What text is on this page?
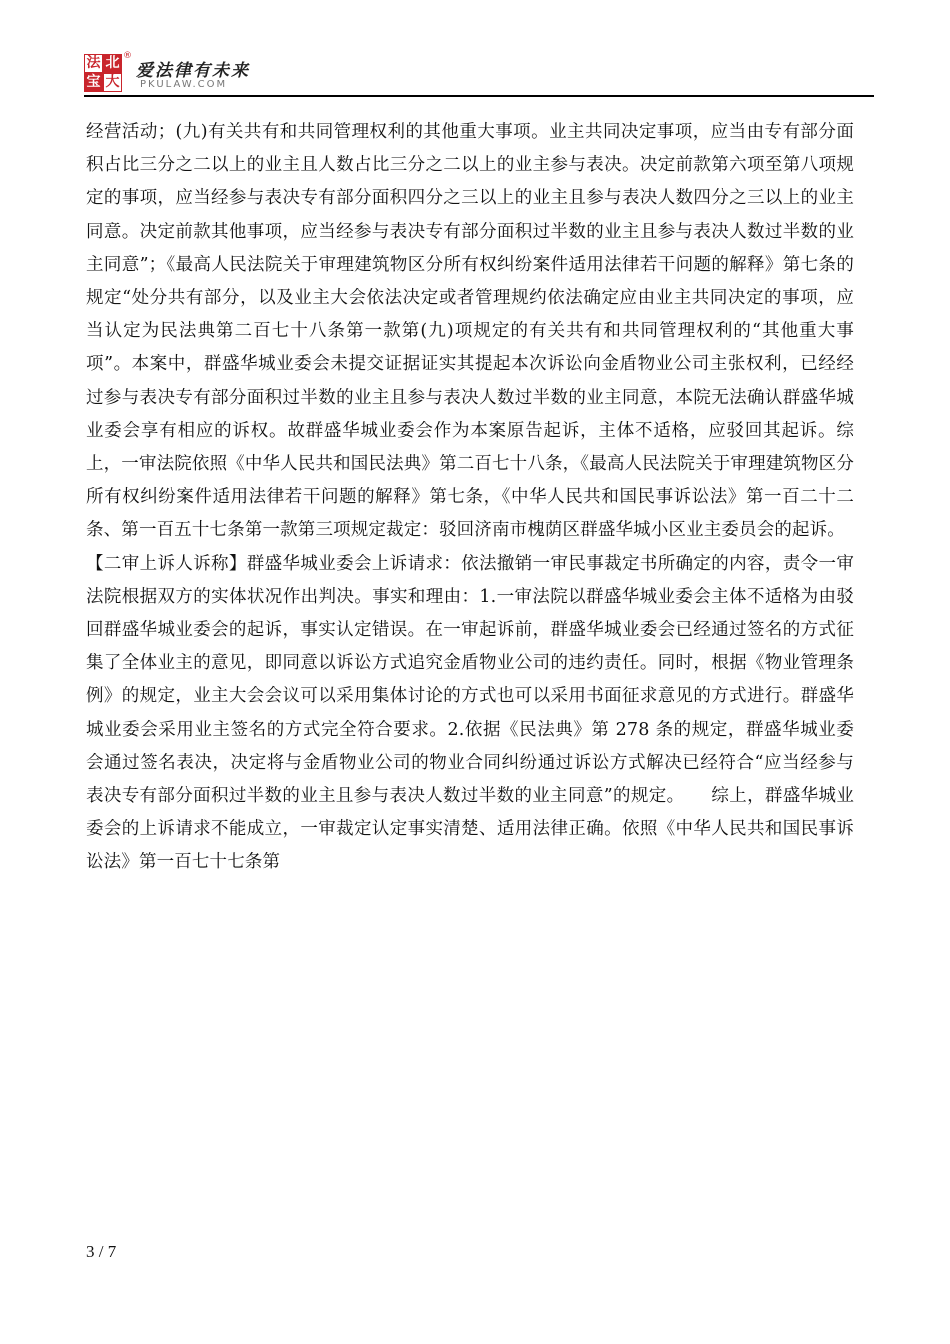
法 北
宝 大
®
爱法律有未来
PKULAW.COM

经营活动；(九)有关共有和共同管理权利的其他重大事项。业主共同决定事项，应当由专有部分面积占比三分之二以上的业主且人数占比三分之二以上的业主参与表决。决定前款第六项至第八项规定的事项，应当经参与表决专有部分面积四分之三以上的业主且参与表决人数四分之三以上的业主同意。决定前款其他事项，应当经参与表决专有部分面积过半数的业主且参与表决人数过半数的业主同意”；《最高人民法院关于审理建筑物区分所有权纠纷案件适用法律若干问题的解释》第七条的规定“处分共有部分，以及业主大会依法决定或者管理规约依法确定应由业主共同决定的事项，应当认定为民法典第二百七十八条第一款第(九)项规定的有关共有和共同管理权利的“其他重大事项”。本案中，群盛华城业委会未提交证据证实其提起本次诉讼向金盾物业公司主张权利，已经经过参与表决专有部分面积过半数的业主且参与表决人数过半数的业主同意，本院无法确认群盛华城业委会享有相应的诉权。故群盛华城业委会作为本案原告起诉，主体不适格，应驳回其起诉。综上，一审法院依照《中华人民共和国民法典》第二百七十八条，《最高人民法院关于审理建筑物区分所有权纠纷案件适用法律若干问题的解释》第七条，《中华人民共和国民事诉讼法》第一百二十二条、第一百五十七条第一款第三项规定裁定：驳回济南市槐荫区群盛华城小区业主委员会的起诉。

【二审上诉人诉称】群盛华城业委会上诉请求：依法撤销一审民事裁定书所确定的内容，责令一审法院根据双方的实体状况作出判决。事实和理由：1.一审法院以群盛华城业委会主体不适格为由驳回群盛华城业委会的起诉，事实认定错误。在一审起诉前，群盛华城业委会已经通过签名的方式征集了全体业主的意见，即同意以诉讼方式追究金盾物业公司的违约责任。同时，根据《物业管理条例》的规定，业主大会会议可以采用集体讨论的方式也可以采用书面征求意见的方式进行。群盛华城业委会采用业主签名的方式完全符合要求。2.依据《民法典》第 278 条的规定，群盛华城业委会通过签名表决，决定将与金盾物业公司的物业合同纠纷通过诉讼方式解决已经符合“应当经参与表决专有部分面积过半数的业主且参与表决人数过半数的业主同意”的规定。　　综上，群盛华城业委会的上诉请求不能成立，一审裁定认定事实清楚、适用法律正确。依照《中华人民共和国民事诉讼法》第一百七十七条第

3 / 7
